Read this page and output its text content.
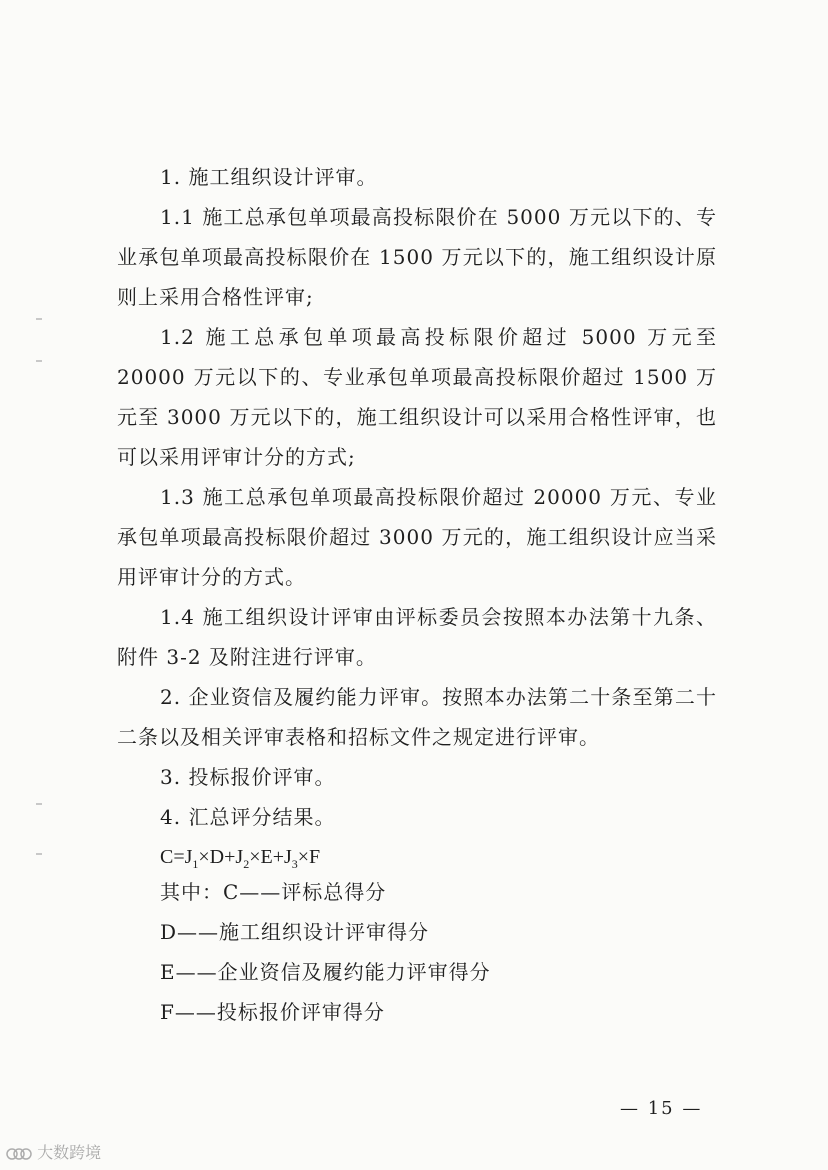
1. 施工组织设计评审。

1.1 施工总承包单项最高投标限价在 5000 万元以下的、专业承包单项最高投标限价在 1500 万元以下的，施工组织设计原则上采用合格性评审;

1.2 施工总承包单项最高投标限价超过 5000 万元至 20000 万元以下的、专业承包单项最高投标限价超过 1500 万元至 3000 万元以下的，施工组织设计可以采用合格性评审，也可以采用评审计分的方式;

1.3 施工总承包单项最高投标限价超过 20000 万元、专业承包单项最高投标限价超过 3000 万元的，施工组织设计应当采用评审计分的方式。

1.4 施工组织设计评审由评标委员会按照本办法第十九条、附件 3-2 及附注进行评审。

2. 企业资信及履约能力评审。按照本办法第二十条至第二十二条以及相关评审表格和招标文件之规定进行评审。

3. 投标报价评审。

4. 汇总评分结果。

$C=J_1\times D+J_2\times E+J_3\times F$

其中：C——评标总得分

D——施工组织设计评审得分

E——企业资信及履约能力评审得分

F——投标报价评审得分

— 15 —
大数跨境
